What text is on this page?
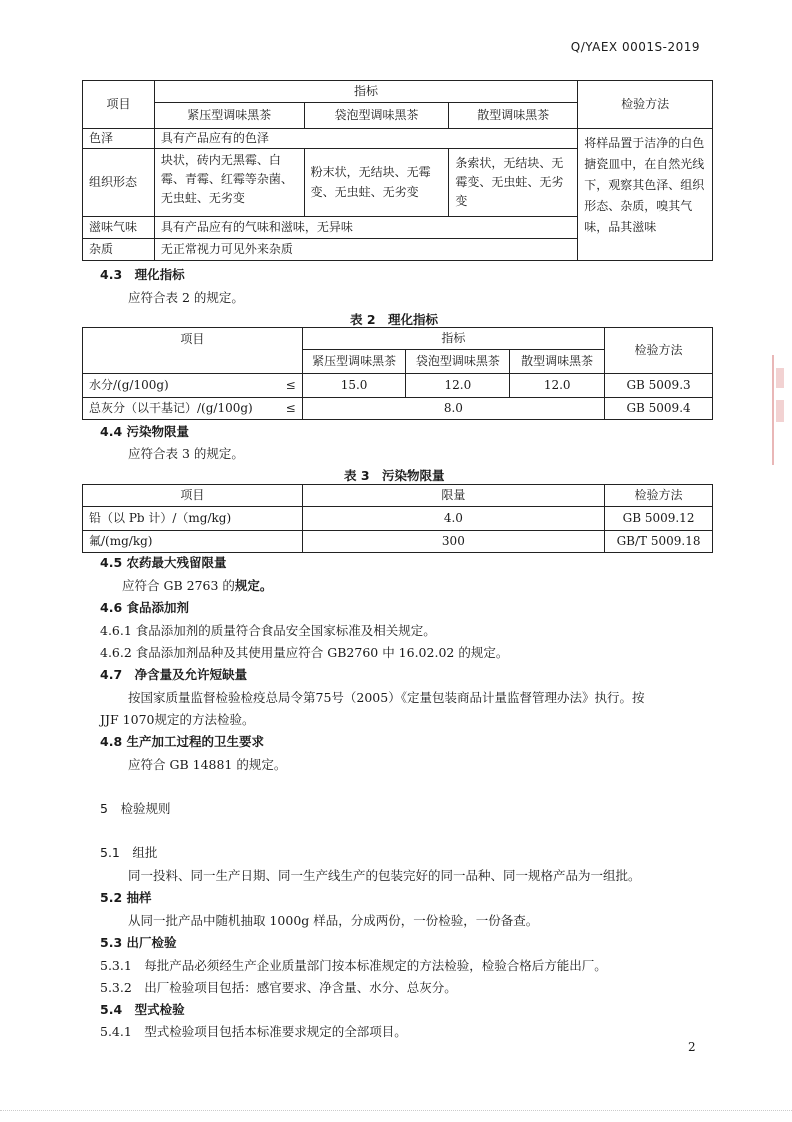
Q/YAEX 0001S-2019
项目	指标			检验方法
	紧压型调味黑茶	袋泡型调味黑茶	散型调味黑茶	
色泽	具有产品应有的色泽			将样品置于洁净的白色搪瓷皿中，在自然光线下，观察其色泽、组织形态、杂质，嗅其气味，品其滋味
组织形态	块状，砖内无黑霉、白霉、青霉、红霉等杂菌、无虫蛀、无劣变	粉末状，无结块、无霉变、无虫蛀、无劣变	条索状，无结块、无霉变、无虫蛀、无劣变	
滋味气味	具有产品应有的气味和滋味，无异味			
杂质	无正常视力可见外来杂质			
4.3　理化指标
应符合表 2 的规定。
表 2　理化指标
项目		指标			检验方法
		紧压型调味黑茶	袋泡型调味黑茶	散型调味黑茶	
水分/(g/100g)	≤	15.0	12.0	12.0	GB 5009.3
总灰分（以干基记）/(g/100g)	≤	8.0			GB 5009.4
4.4 污染物限量
应符合表 3 的规定。
表 3　污染物限量
项目	限量	检验方法
铅（以 Pb 计）/（mg/kg)	4.0	GB 5009.12
氟/(mg/kg)	300	GB/T 5009.18
4.5 农药最大残留限量
应符合 GB 2763 的规定。
4.6 食品添加剂
4.6.1 食品添加剂的质量符合食品安全国家标准及相关规定。
4.6.2 食品添加剂品种及其使用量应符合 GB2760 中 16.02.02 的规定。
4.7　净含量及允许短缺量
按国家质量监督检验检疫总局令第75号（2005）《定量包装商品计量监督管理办法》执行。按
JJF 1070规定的方法检验。
4.8 生产加工过程的卫生要求
应符合 GB 14881 的规定。
5　检验规则
5.1　组批
同一投料、同一生产日期、同一生产线生产的包装完好的同一品种、同一规格产品为一组批。
5.2 抽样
从同一批产品中随机抽取 1000g 样品，分成两份，一份检验，一份备查。
5.3 出厂检验
5.3.1　每批产品必须经生产企业质量部门按本标准规定的方法检验，检验合格后方能出厂。
5.3.2　出厂检验项目包括：感官要求、净含量、水分、总灰分。
5.4　型式检验
5.4.1　型式检验项目包括本标准要求规定的全部项目。
2
